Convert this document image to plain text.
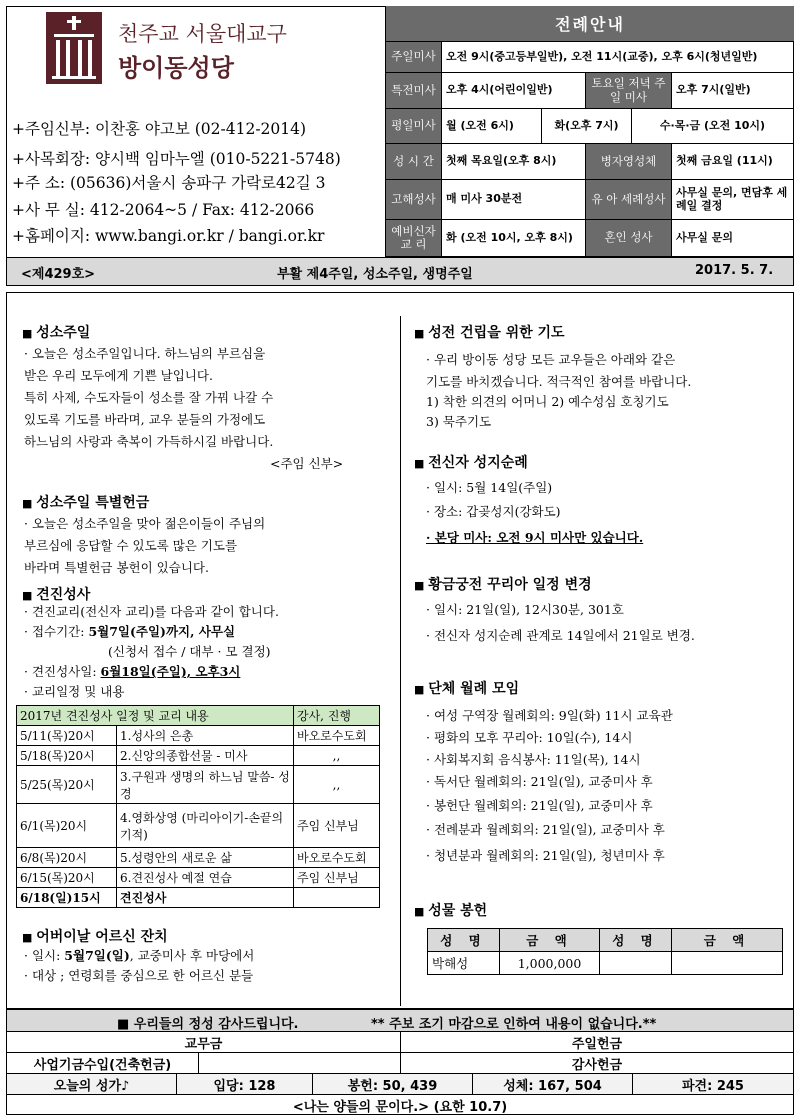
천주교 서울대교구
방이동성당
+주임신부: 이찬홍 야고보 (02-412-2014)
+사목회장: 양시백 임마누엘 (010-5221-5748)
+주 소: (05636)서울시 송파구 가락로42길 3
+사 무 실: 412-2064~5 / Fax: 412-2066
+홈페이지: www.bangi.or.kr / bangi.or.kr
전례안내
주일미사 오전 9시(중고등부일반), 오전 11시(교중), 오후 6시(청년일반)
특전미사 오후 4시(어린이일반)	토요일 저녁 주일 미사	오후 7시(일반)
평일미사 월 (오전 6시)	화(오후 7시)	수·목·금 (오전 10시)
성 시 간	첫째 목요일(오후 8시)	병자영성체	첫째 금요일 (11시)
고해성사 매 미사 30분전	유 아 세례성사 사무실 문의, 면담후 세례일 결정
예비신자 교 리	화 (오전 10시, 오후 8시)	혼인 성사	사무실 문의
<제429호>	부활 제4주일, 성소주일, 생명주일	2017. 5. 7.
■ 성소주일
· 오늘은 성소주일입니다. 하느님의 부르심을
받은 우리 모두에게 기쁜 날입니다.
특히 사제, 수도자들이 성소를 잘 가꿔 나갈 수
있도록 기도를 바라며, 교우 분들의 가정에도
하느님의 사랑과 축복이 가득하시길 바랍니다.
<주임 신부>
■ 성소주일 특별헌금
· 오늘은 성소주일을 맞아 젊은이들이 주님의
부르심에 응답할 수 있도록 많은 기도를
바라며 특별헌금 봉헌이 있습니다.
■ 견진성사
· 견진교리(전신자 교리)를 다음과 같이 합니다.
· 접수기간: 5월7일(주일)까지, 사무실
(신청서 접수 / 대부 · 모 결정)
· 견진성사일: 6월18일(주일), 오후3시
· 교리일정 및 내용
2017년 견진성사 일정 및 교리 내용		강사, 진행
5/11(목)20시	1.성사의 은총	바오로수도회
5/18(목)20시	2.신앙의종합선물 - 미사	,,
5/25(목)20시	3.구원과 생명의 하느님 말씀- 성경	,,
6/1(목)20시	4.영화상영 (마리아이기-손끝의 기적)	주임 신부님
6/8(목)20시	5.성령안의 새로운 삶	바오로수도회
6/15(목)20시	6.견진성사 예절 연습	주임 신부님
6/18(일)15시	견진성사	
■ 어버이날 어르신 잔치
· 일시: 5월7일(일), 교중미사 후 마당에서
· 대상 ; 연령회를 중심으로 한 어르신 분들
■ 성전 건립을 위한 기도
· 우리 방이동 성당 모든 교우들은 아래와 같은
기도를 바치겠습니다. 적극적인 참여를 바랍니다.
1) 착한 의견의 어머니 2) 예수성심 호칭기도
3) 묵주기도
■ 전신자 성지순례
· 일시: 5월 14일(주일)
· 장소: 갑곶성지(강화도)
· 본당 미사: 오전 9시 미사만 있습니다.
■ 황금궁전 꾸리아 일정 변경
· 일시: 21일(일), 12시30분, 301호
· 전신자 성지순례 관계로 14일에서 21일로 변경.
■ 단체 월례 모임
· 여성 구역장 월례회의: 9일(화) 11시 교육관
· 평화의 모후 꾸리아: 10일(수), 14시
· 사회복지회 음식봉사: 11일(목), 14시
· 독서단 월례회의: 21일(일), 교중미사 후
· 봉헌단 월례회의: 21일(일), 교중미사 후
· 전례분과 월례회의: 21일(일), 교중미사 후
· 청년분과 월례회의: 21일(일), 청년미사 후
■ 성물 봉헌
성 명	금 액	성 명	금 액
박해성	1,000,000		
■ 우리들의 정성 감사드립니다.	** 주보 조기 마감으로 인하여 내용이 없습니다.**
교무금	주일헌금
사업기금수입(건축헌금)	감사헌금
오늘의 성가♪	입당: 128	봉헌: 50, 439	성체: 167, 504	파견: 245
<나는 양들의 문이다.> (요한 10.7)
